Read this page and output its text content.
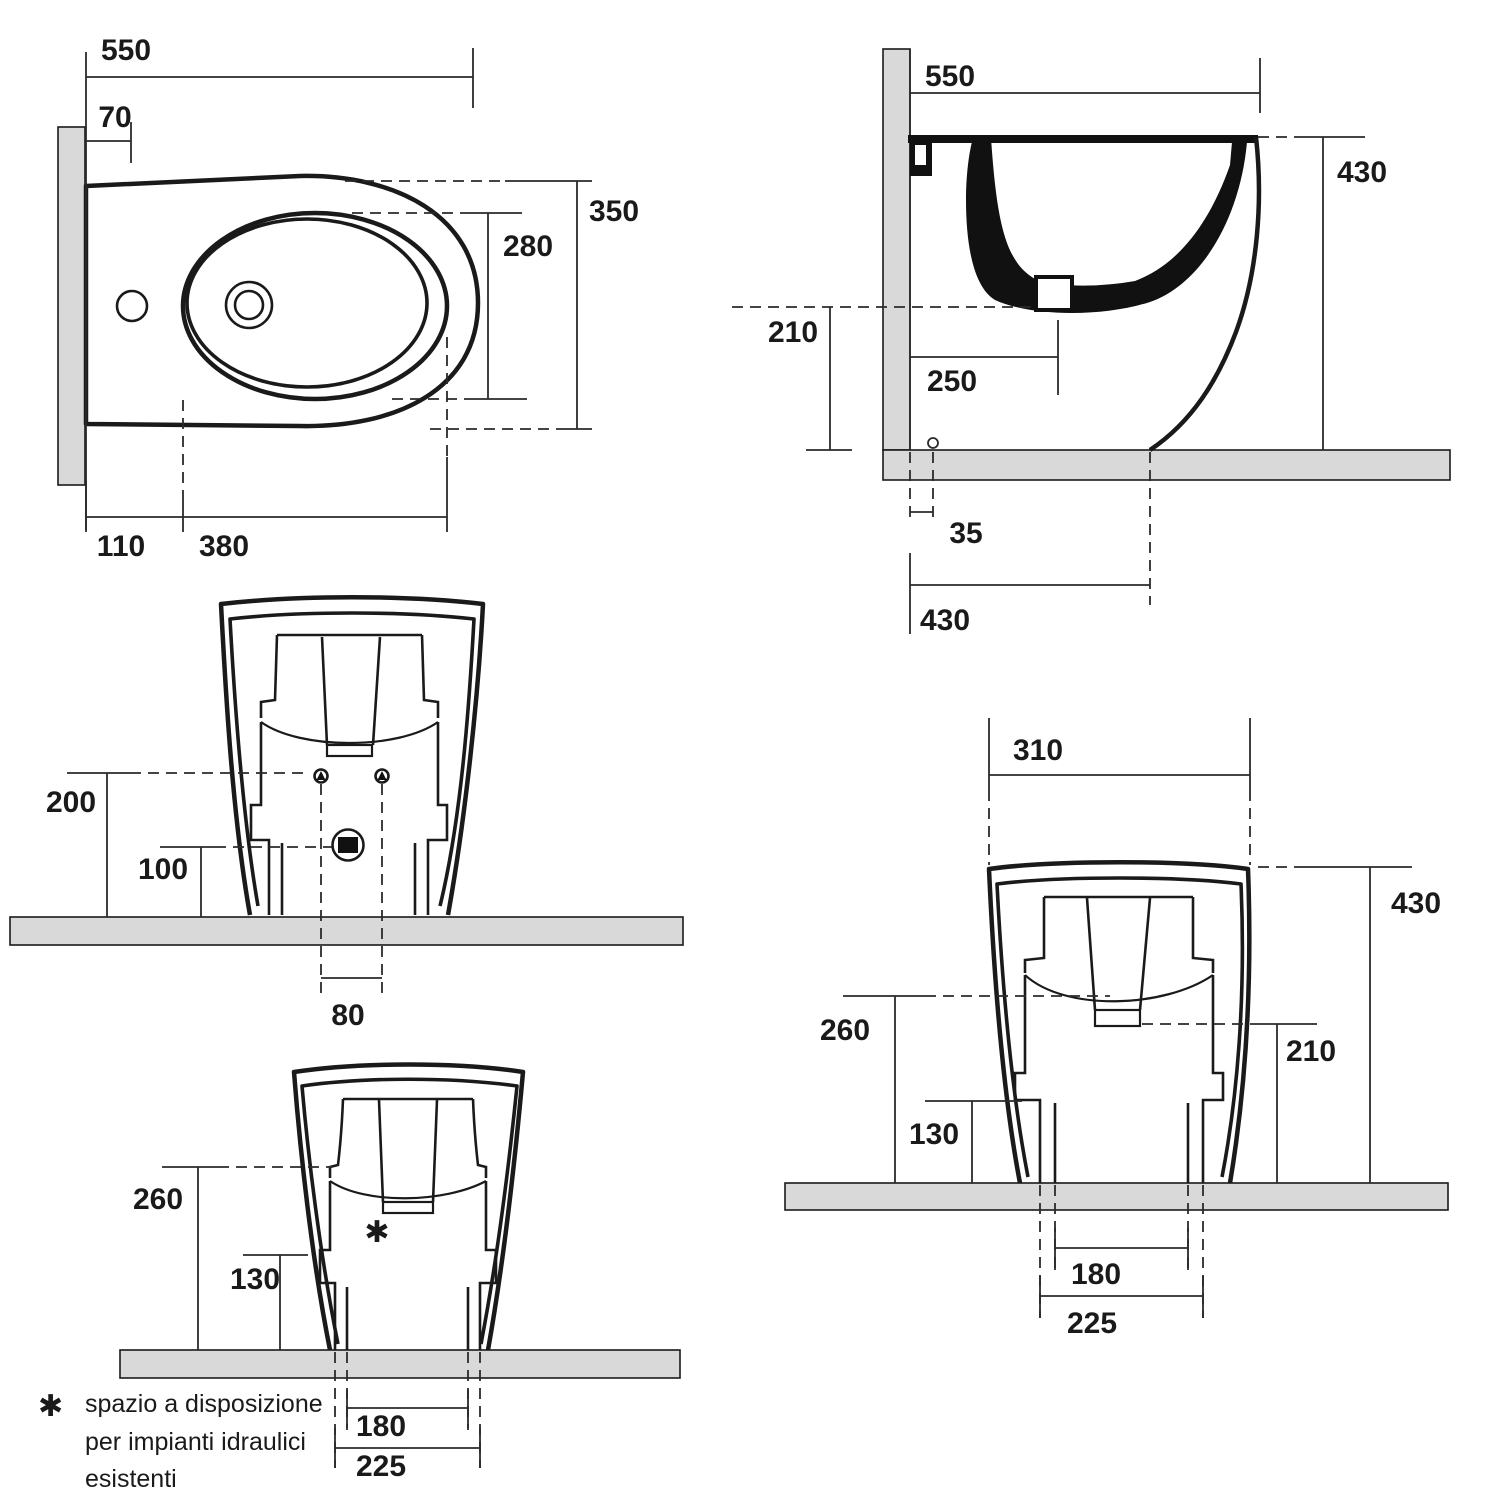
550
70
350
280
110 380
550
430
210
250
35
430
200
100
80
✱
260
130
180
225
✱ spazio a disposizione
per impianti idraulici
esistenti
310
430
260
130
210
180
225
